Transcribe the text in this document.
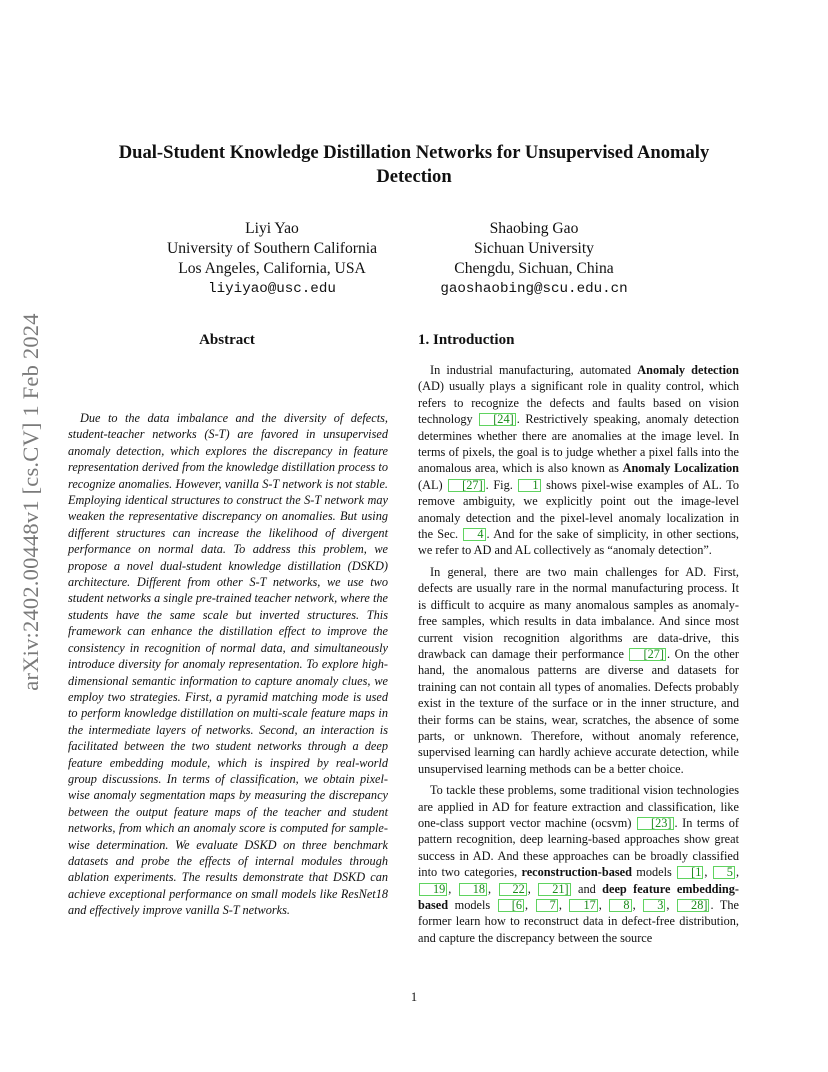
arXiv:2402.00448v1 [cs.CV] 1 Feb 2024
Dual-Student Knowledge Distillation Networks for Unsupervised Anomaly
Detection
Liyi Yao
University of Southern California
Los Angeles, California, USA
liyiyao@usc.edu
Shaobing Gao
Sichuan University
Chengdu, Sichuan, China
gaoshaobing@scu.edu.cn
Abstract

Due to the data imbalance and the diversity of defects, student-teacher networks (S-T) are favored in unsupervised anomaly detection, which explores the discrepancy in feature representation derived from the knowledge distillation process to recognize anomalies. However, vanilla S-T network is not stable. Employing identical structures to construct the S-T network may weaken the representative discrepancy on anomalies. But using different structures can increase the likelihood of divergent performance on normal data. To address this problem, we propose a novel dual-student knowledge distillation (DSKD) architecture. Different from other S-T networks, we use two student networks a single pre-trained teacher network, where the students have the same scale but inverted structures. This framework can enhance the distillation effect to improve the consistency in recognition of normal data, and simultaneously introduce diversity for anomaly representation. To explore high-dimensional semantic information to capture anomaly clues, we employ two strategies. First, a pyramid matching mode is used to perform knowledge distillation on multi-scale feature maps in the intermediate layers of networks. Second, an interaction is facilitated between the two student networks through a deep feature embedding module, which is inspired by real-world group discussions. In terms of classification, we obtain pixel-wise anomaly segmentation maps by measuring the discrepancy between the output feature maps of the teacher and student networks, from which an anomaly score is computed for sample-wise determination. We evaluate DSKD on three benchmark datasets and probe the effects of internal modules through ablation experiments. The results demonstrate that DSKD can achieve exceptional performance on small models like ResNet18 and effectively improve vanilla S-T networks.

1. Introduction

In industrial manufacturing, automated Anomaly detection (AD) usually plays a significant role in quality control, which refers to recognize the defects and faults based on vision technology [24] . Restrictively speaking, anomaly detection determines whether there are anomalies at the image level. In terms of pixels, the goal is to judge whether a pixel falls into the anomalous area, which is also known as Anomaly Localization (AL) [27] . Fig. 1 shows pixel-wise examples of AL. To remove ambiguity, we explicitly point out the image-level anomaly detection and the pixel-level anomaly localization in the Sec. 4 . And for the sake of simplicity, in other sections, we refer to AD and AL collectively as “anomaly detection”.

In general, there are two main challenges for AD. First, defects are usually rare in the normal manufacturing process. It is difficult to acquire as many anomalous samples as anomaly-free samples, which results in data imbalance. And since most current vision recognition algorithms are data-drive, this drawback can damage their performance [27] . On the other hand, the anomalous patterns are diverse and datasets for training can not contain all types of anomalies. Defects probably exist in the texture of the surface or in the inner structure, and their forms can be stains, wear, scratches, the absence of some parts, or unknown. Therefore, without anomaly reference, supervised learning can hardly achieve accurate detection, while unsupervised learning methods can be a better choice.

To tackle these problems, some traditional vision technologies are applied in AD for feature extraction and classification, like one-class support vector machine (ocsvm) [23] . In terms of pattern recognition, deep learning-based approaches show great success in AD. And these approaches can be broadly classified into two categories, reconstruction-based models [1 , 5 , 19 , 18 , 22 , 21] and deep feature embedding-based models [6 , 7 , 17 , 8 , 3 , 28] . The former learn how to reconstruct data in defect-free distribution, and capture the discrepancy between the source

1
